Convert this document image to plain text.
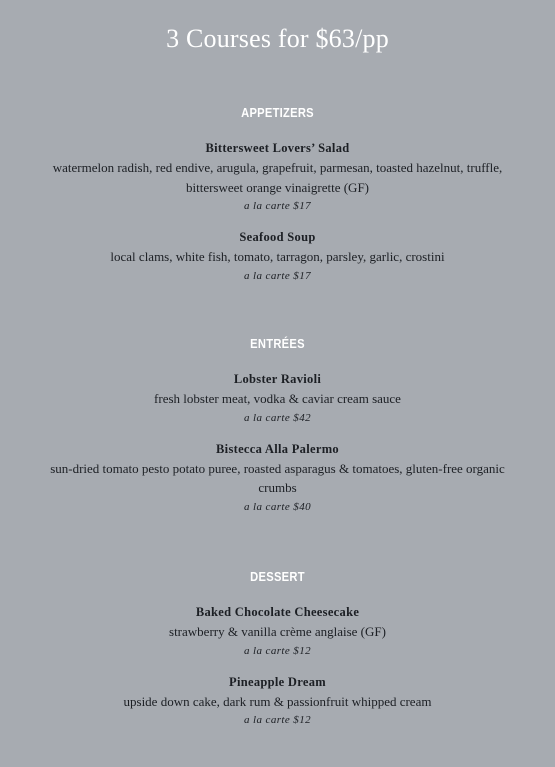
3 Courses for $63/pp
APPETIZERS
Bittersweet Lovers’ Salad
watermelon radish, red endive, arugula, grapefruit, parmesan, toasted hazelnut, truffle, bittersweet orange vinaigrette (GF)
a la carte $17
Seafood Soup
local clams, white fish, tomato, tarragon, parsley, garlic, crostini
a la carte $17
ENTRÉES
Lobster Ravioli
fresh lobster meat, vodka & caviar cream sauce
a la carte $42
Bistecca Alla Palermo
sun-dried tomato pesto potato puree, roasted asparagus & tomatoes, gluten-free organic crumbs
a la carte $40
DESSERT
Baked Chocolate Cheesecake
strawberry & vanilla crème anglaise (GF)
a la carte $12
Pineapple Dream
upside down cake, dark rum & passionfruit whipped cream
a la carte $12
